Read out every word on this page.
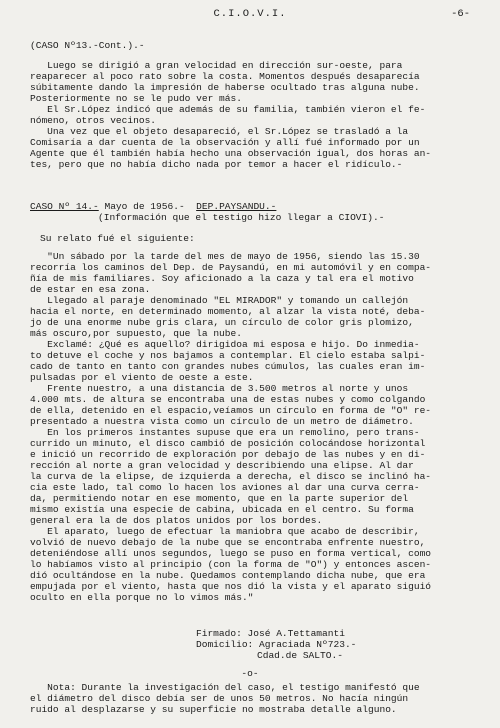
C.I.O.V.I.	-6-
(CASO Nº13.-Cont.).-
Luego se dirigió a gran velocidad en dirección sur-oeste, para
reaparecer al poco rato sobre la costa. Momentos después desaparecía
súbitamente dando la impresión de haberse ocultado tras alguna nube.
Posteriormente no se le pudo ver más.
El Sr.López indicó que además de su familia, también vieron el fe-
nómeno, otros vecinos.
Una vez que el objeto desapareció, el Sr.López se trasladó a la
Comisaría a dar cuenta de la observación y allí fué informado por un
Agente que él también había hecho una observación igual, dos horas an-
tes, pero que no había dicho nada por temor a hacer el ridículo.-
CASO Nº 14.- Mayo de 1956.- DEP.PAYSANDU.-
(Información que el testigo hizo llegar a CIOVI).-
Su relato fué el siguiente:
"Un sábado por la tarde del mes de mayo de 1956, siendo las 15.30
recorría los caminos del Dep. de Paysandú, en mi automóvil y en compa-
ñía de mis familiares. Soy aficionado a la caza y tal era el motivo
de estar en esa zona.
Llegado al paraje denominado "EL MIRADOR" y tomando un callejón
hacia el norte, en determinado momento, al alzar la vista noté, deba-
jo de una enorme nube gris clara, un círculo de color gris plomizo,
más oscuro,por supuesto, que la nube.
Exclamé: ¿Qué es aquello? dirigidoa mi esposa e hijo. Do inmedia-
to detuve el coche y nos bajamos a contemplar. El cielo estaba salpi-
cado de tanto en tanto con grandes nubes cúmulos, las cuales eran im-
pulsadas por el viento de oeste a este.
Frente nuestro, a una distancia de 3.500 metros al norte y unos
4.000 mts. de altura se encontraba una de estas nubes y como colgando
de ella, detenido en el espacio,veíamos un círculo en forma de "O" re-
presentado a nuestra vista como un círculo de un metro de diámetro.
En los primeros instantes supuse que era un remolino, pero trans-
currido un minuto, el disco cambió de posición colocándose horizontal
e inició un recorrido de exploración por debajo de las nubes y en di-
rección al norte a gran velocidad y describiendo una elipse. Al dar
la curva de la elipse, de izquierda a derecha, el disco se inclinó ha-
cia este lado, tal como lo hacen los aviones al dar una curva cerra-
da, permitiendo notar en ese momento, que en la parte superior del
mismo existía una especie de cabina, ubicada en el centro. Su forma
general era la de dos platos unidos por los bordes.
El aparato, luego de efectuar la maniobra que acabo de describir,
volvió de nuevo debajo de la nube que se encontraba enfrente nuestro,
deteniéndose allí unos segundos, luego se puso en forma vertical, como
lo habíamos visto al principio (con la forma de "O") y entonces ascen-
dió ocultándose en la nube. Quedamos contemplando dicha nube, que era
empujada por el viento, hasta que nos dió la vista y el aparato siguió
oculto en ella porque no lo vimos más."
Firmado: José A.Tettamanti
Domicilio: Agraciada Nº723.-
Cdad.de SALTO.-
-o-
Nota: Durante la investigación del caso, el testigo manifestó que
el diámetro del disco debía ser de unos 50 metros. No hacía ningún
ruido al desplazarse y su superficie no mostraba detalle alguno.
